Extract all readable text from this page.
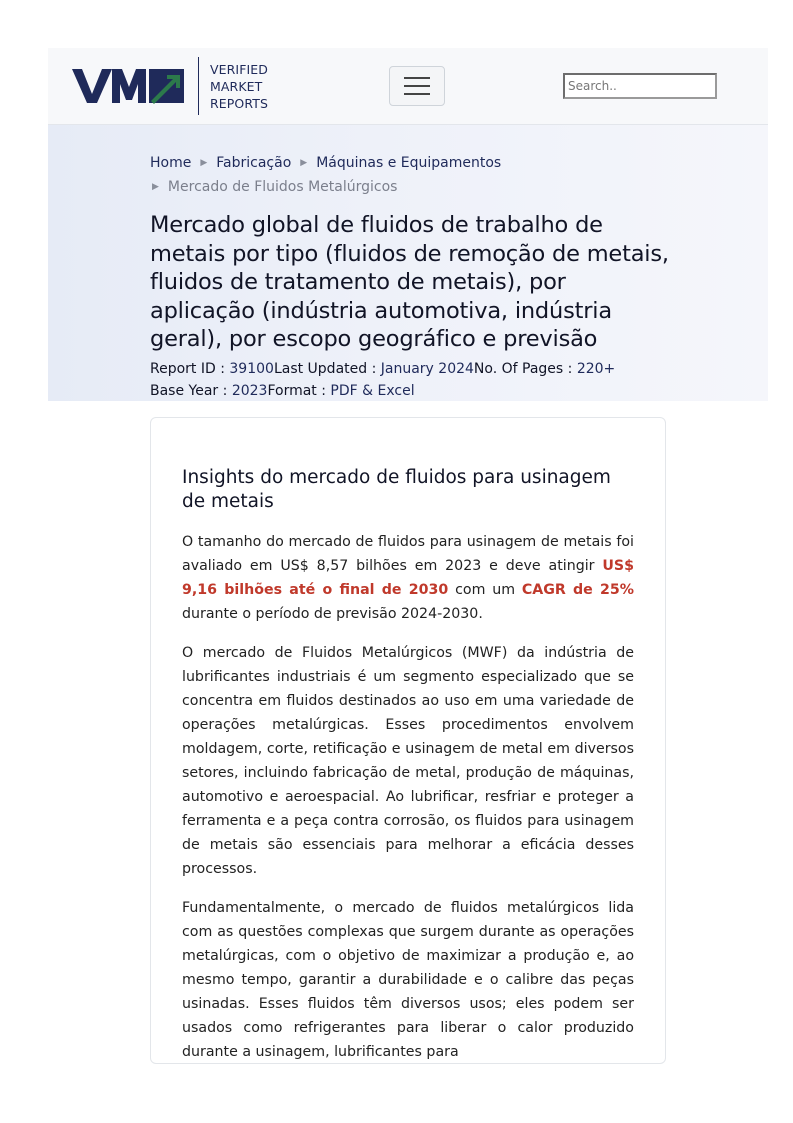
VERIFIED
MARKET
REPORTS
Search..
Home ▶ Fabricação ▶ Máquinas e Equipamentos
▶ Mercado de Fluidos Metalúrgicos
Mercado global de fluidos de trabalho de metais por tipo (fluidos de remoção de metais, fluidos de tratamento de metais), por aplicação (indústria automotiva, indústria geral), por escopo geográfico e previsão
Report ID : 39100Last Updated : January 2024No. Of Pages : 220+
Base Year : 2023Format : PDF & Excel
Insights do mercado de fluidos para usinagem de metais

O tamanho do mercado de fluidos para usinagem de metais foi avaliado em US$ 8,57 bilhões em 2023 e deve atingir US$ 9,16 bilhões até o final de 2030 com um CAGR de 25% durante o período de previsão 2024-2030.

O mercado de Fluidos Metalúrgicos (MWF) da indústria de lubrificantes industriais é um segmento especializado que se concentra em fluidos destinados ao uso em uma variedade de operações metalúrgicas. Esses procedimentos envolvem moldagem, corte, retificação e usinagem de metal em diversos setores, incluindo fabricação de metal, produção de máquinas, automotivo e aeroespacial. Ao lubrificar, resfriar e proteger a ferramenta e a peça contra corrosão, os fluidos para usinagem de metais são essenciais para melhorar a eficácia desses processos.

Fundamentalmente, o mercado de fluidos metalúrgicos lida com as questões complexas que surgem durante as operações metalúrgicas, com o objetivo de maximizar a produção e, ao mesmo tempo, garantir a durabilidade e o calibre das peças usinadas. Esses fluidos têm diversos usos; eles podem ser usados como refrigerantes para liberar o calor produzido durante a usinagem, lubrificantes para
